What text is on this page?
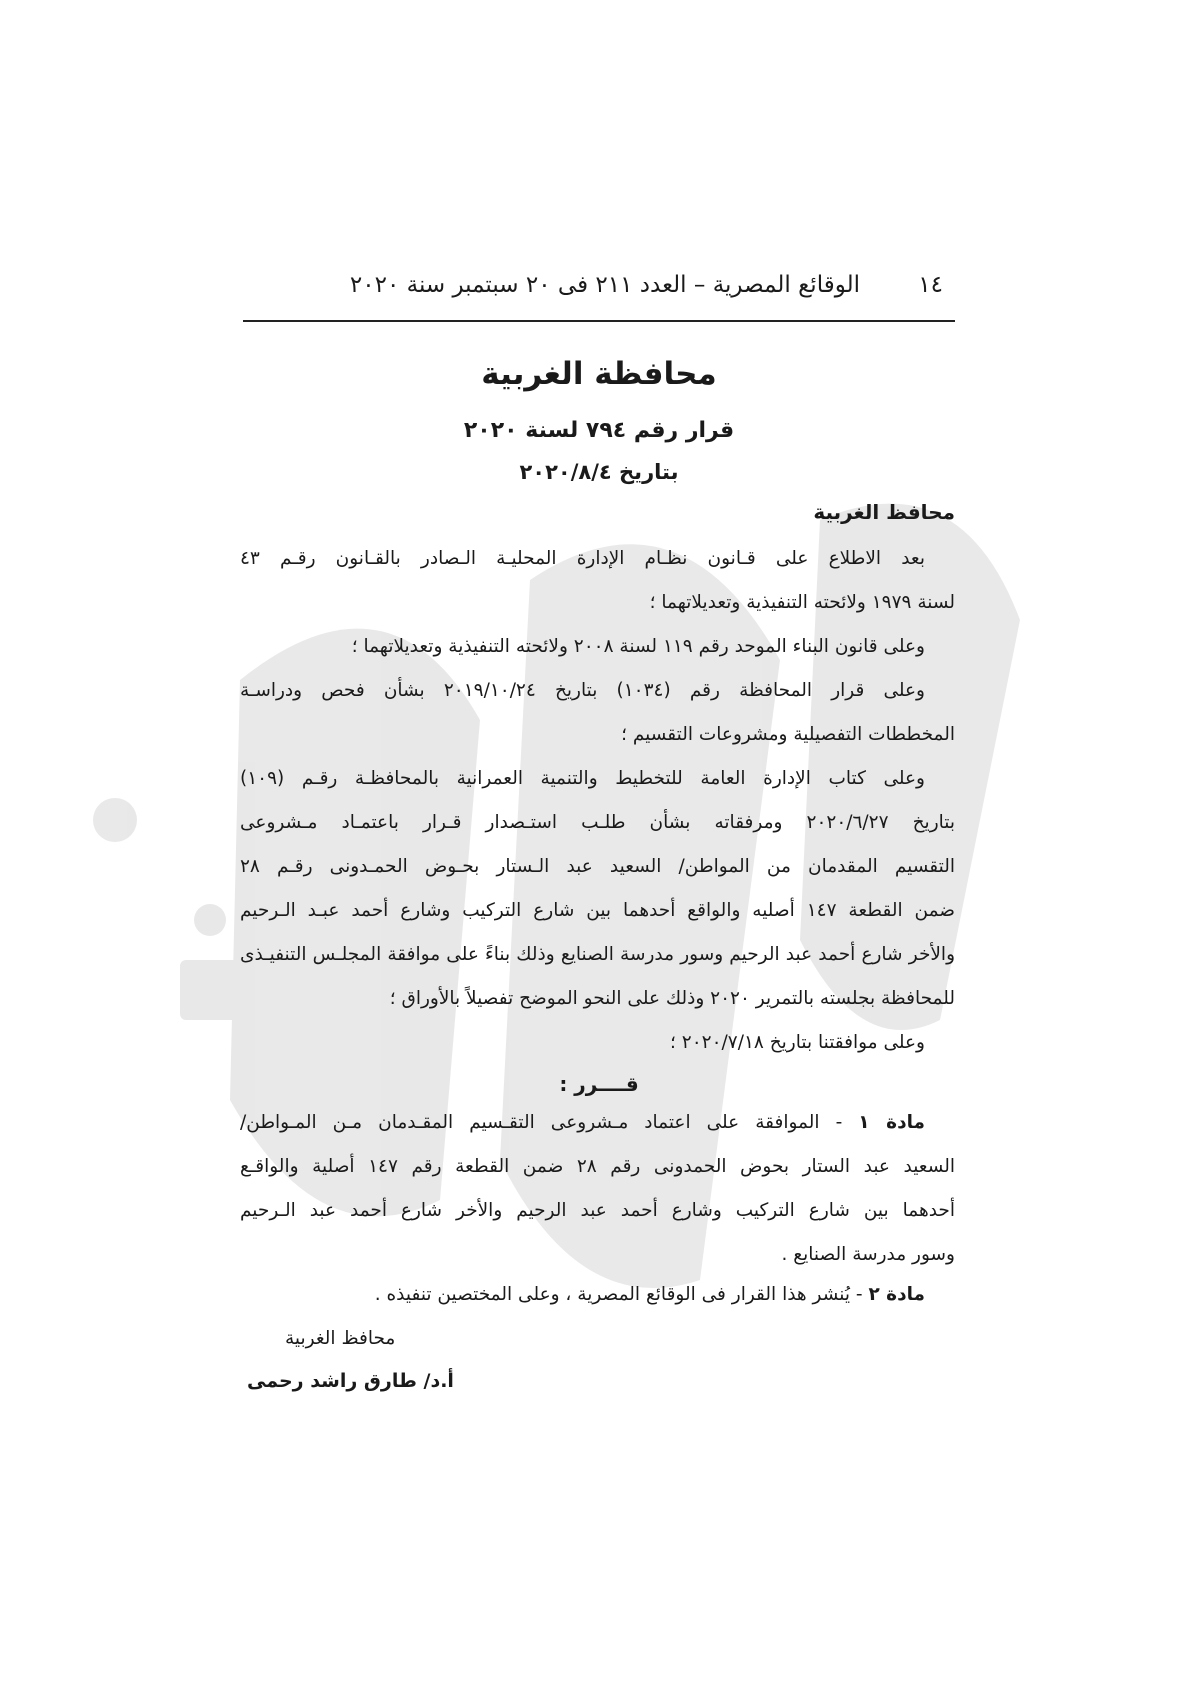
١٤
الوقائع المصرية – العدد ٢١١ فى ٢٠ سبتمبر سنة ٢٠٢٠
محافظة الغربية
قرار رقم ٧٩٤ لسنة ٢٠٢٠
بتاريخ ٢٠٢٠/٨/٤
محافظ الغربية
بعد الاطلاع على قـانون نظـام الإدارة المحليـة الـصادر بالقـانون رقـم ٤٣
لسنة ١٩٧٩ ولائحته التنفيذية وتعديلاتهما ؛
وعلى قانون البناء الموحد رقم ١١٩ لسنة ٢٠٠٨ ولائحته التنفيذية وتعديلاتهما ؛
وعلى قرار المحافظة رقم (١٠٣٤) بتاريخ ٢٠١٩/١٠/٢٤ بشأن فحص ودراسـة
المخططات التفصيلية ومشروعات التقسيم ؛
وعلى كتاب الإدارة العامة للتخطيط والتنمية العمرانية بالمحافظـة رقـم (١٠٩)
بتاريخ ٢٠٢٠/٦/٢٧ ومرفقاته بشأن طلـب استـصدار قـرار باعتمـاد مـشروعى
التقسيم المقدمان من المواطن/ السعيد عبد الـستار بحـوض الحمـدونى رقـم ٢٨
ضمن القطعة ١٤٧ أصليه والواقع أحدهما بين شارع التركيب وشارع أحمد عبـد الـرحيم
والأخر شارع أحمد عبد الرحيم وسور مدرسة الصنايع وذلك بناءً على موافقة المجلـس التنفيـذى
للمحافظة بجلسته بالتمرير ٢٠٢٠ وذلك على النحو الموضح تفصيلاً بالأوراق ؛
وعلى موافقتنا بتاريخ ٢٠٢٠/٧/١٨ ؛
قــــرر :
مادة ١ - الموافقة على اعتماد مـشروعى التقـسيم المقـدمان مـن المـواطن/
السعيد عبد الستار بحوض الحمدونى رقم ٢٨ ضمن القطعة رقم ١٤٧ أصلية والواقـع
أحدهما بين شارع التركيب وشارع أحمد عبد الرحيم والأخر شارع أحمد عبد الـرحيم
وسور مدرسة الصنايع .
مادة ٢ - يُنشر هذا القرار فى الوقائع المصرية ، وعلى المختصين تنفيذه .
محافظ الغربية
أ.د/ طارق راشد رحمى
